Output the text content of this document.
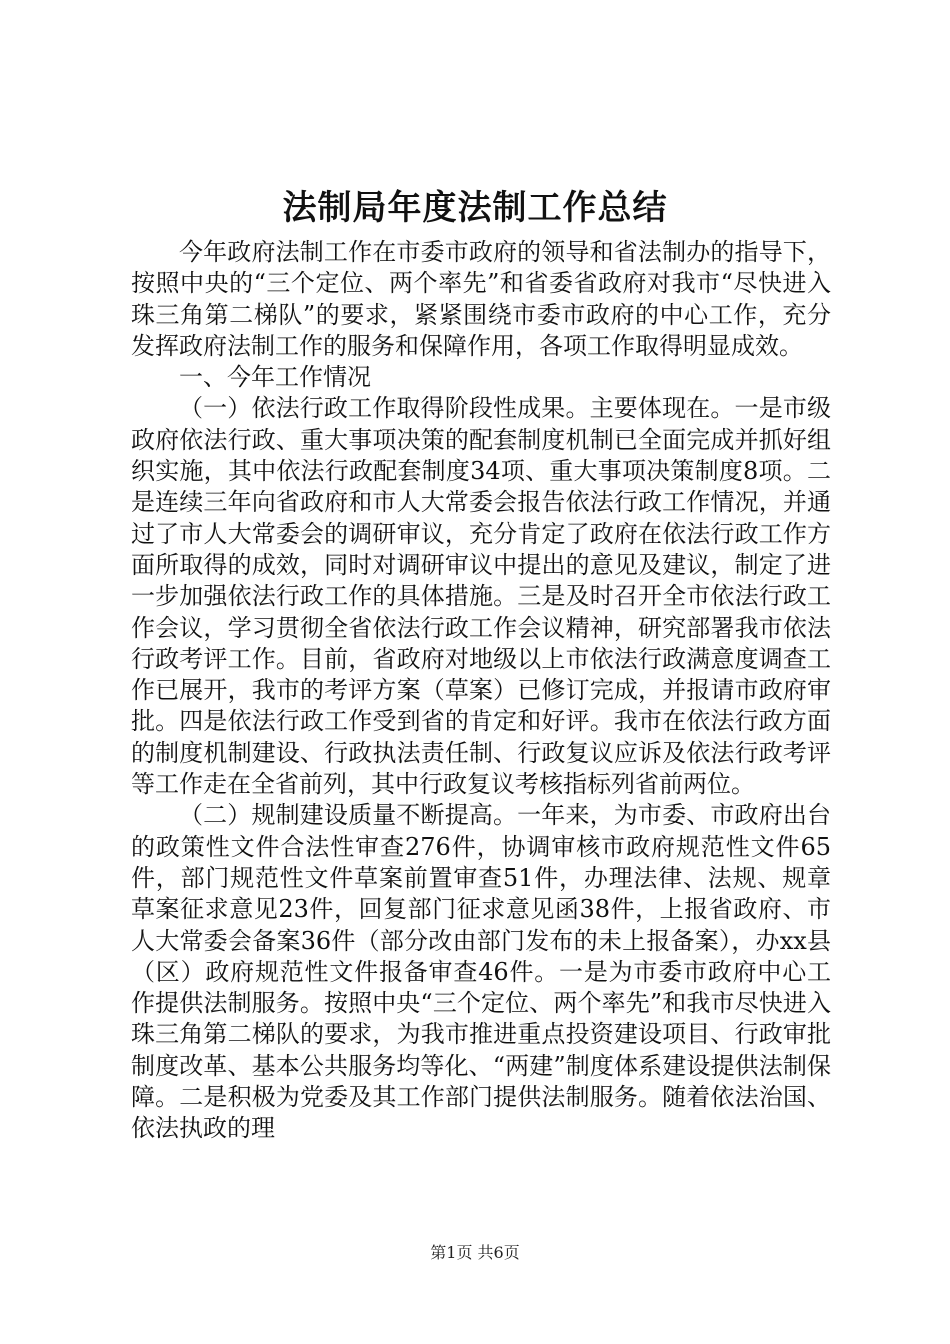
法制局年度法制工作总结

今年政府法制工作在市委市政府的领导和省法制办的指导下，按照中央的“三个定位、两个率先”和省委省政府对我市“尽快进入珠三角第二梯队”的要求，紧紧围绕市委市政府的中心工作，充分发挥政府法制工作的服务和保障作用，各项工作取得明显成效。

一、今年工作情况

（一）依法行政工作取得阶段性成果。主要体现在。一是市级政府依法行政、重大事项决策的配套制度机制已全面完成并抓好组织实施，其中依法行政配套制度34项、重大事项决策制度8项。二是连续三年向省政府和市人大常委会报告依法行政工作情况，并通过了市人大常委会的调研审议，充分肯定了政府在依法行政工作方面所取得的成效，同时对调研审议中提出的意见及建议，制定了进一步加强依法行政工作的具体措施。三是及时召开全市依法行政工作会议，学习贯彻全省依法行政工作会议精神，研究部署我市依法行政考评工作。目前，省政府对地级以上市依法行政满意度调查工作已展开，我市的考评方案（草案）已修订完成，并报请市政府审批。四是依法行政工作受到省的肯定和好评。我市在依法行政方面的制度机制建设、行政执法责任制、行政复议应诉及依法行政考评等工作走在全省前列，其中行政复议考核指标列省前两位。

（二）规制建设质量不断提高。一年来，为市委、市政府出台的政策性文件合法性审查276件，协调审核市政府规范性文件65件，部门规范性文件草案前置审查51件，办理法律、法规、规章草案征求意见23件，回复部门征求意见函38件，上报省政府、市人大常委会备案36件（部分改由部门发布的未上报备案），办xx县（区）政府规范性文件报备审查46件。一是为市委市政府中心工作提供法制服务。按照中央“三个定位、两个率先”和我市尽快进入珠三角第二梯队的要求，为我市推进重点投资建设项目、行政审批制度改革、基本公共服务均等化、“两建”制度体系建设提供法制保障。二是积极为党委及其工作部门提供法制服务。随着依法治国、依法执政的理

第1页 共6页
